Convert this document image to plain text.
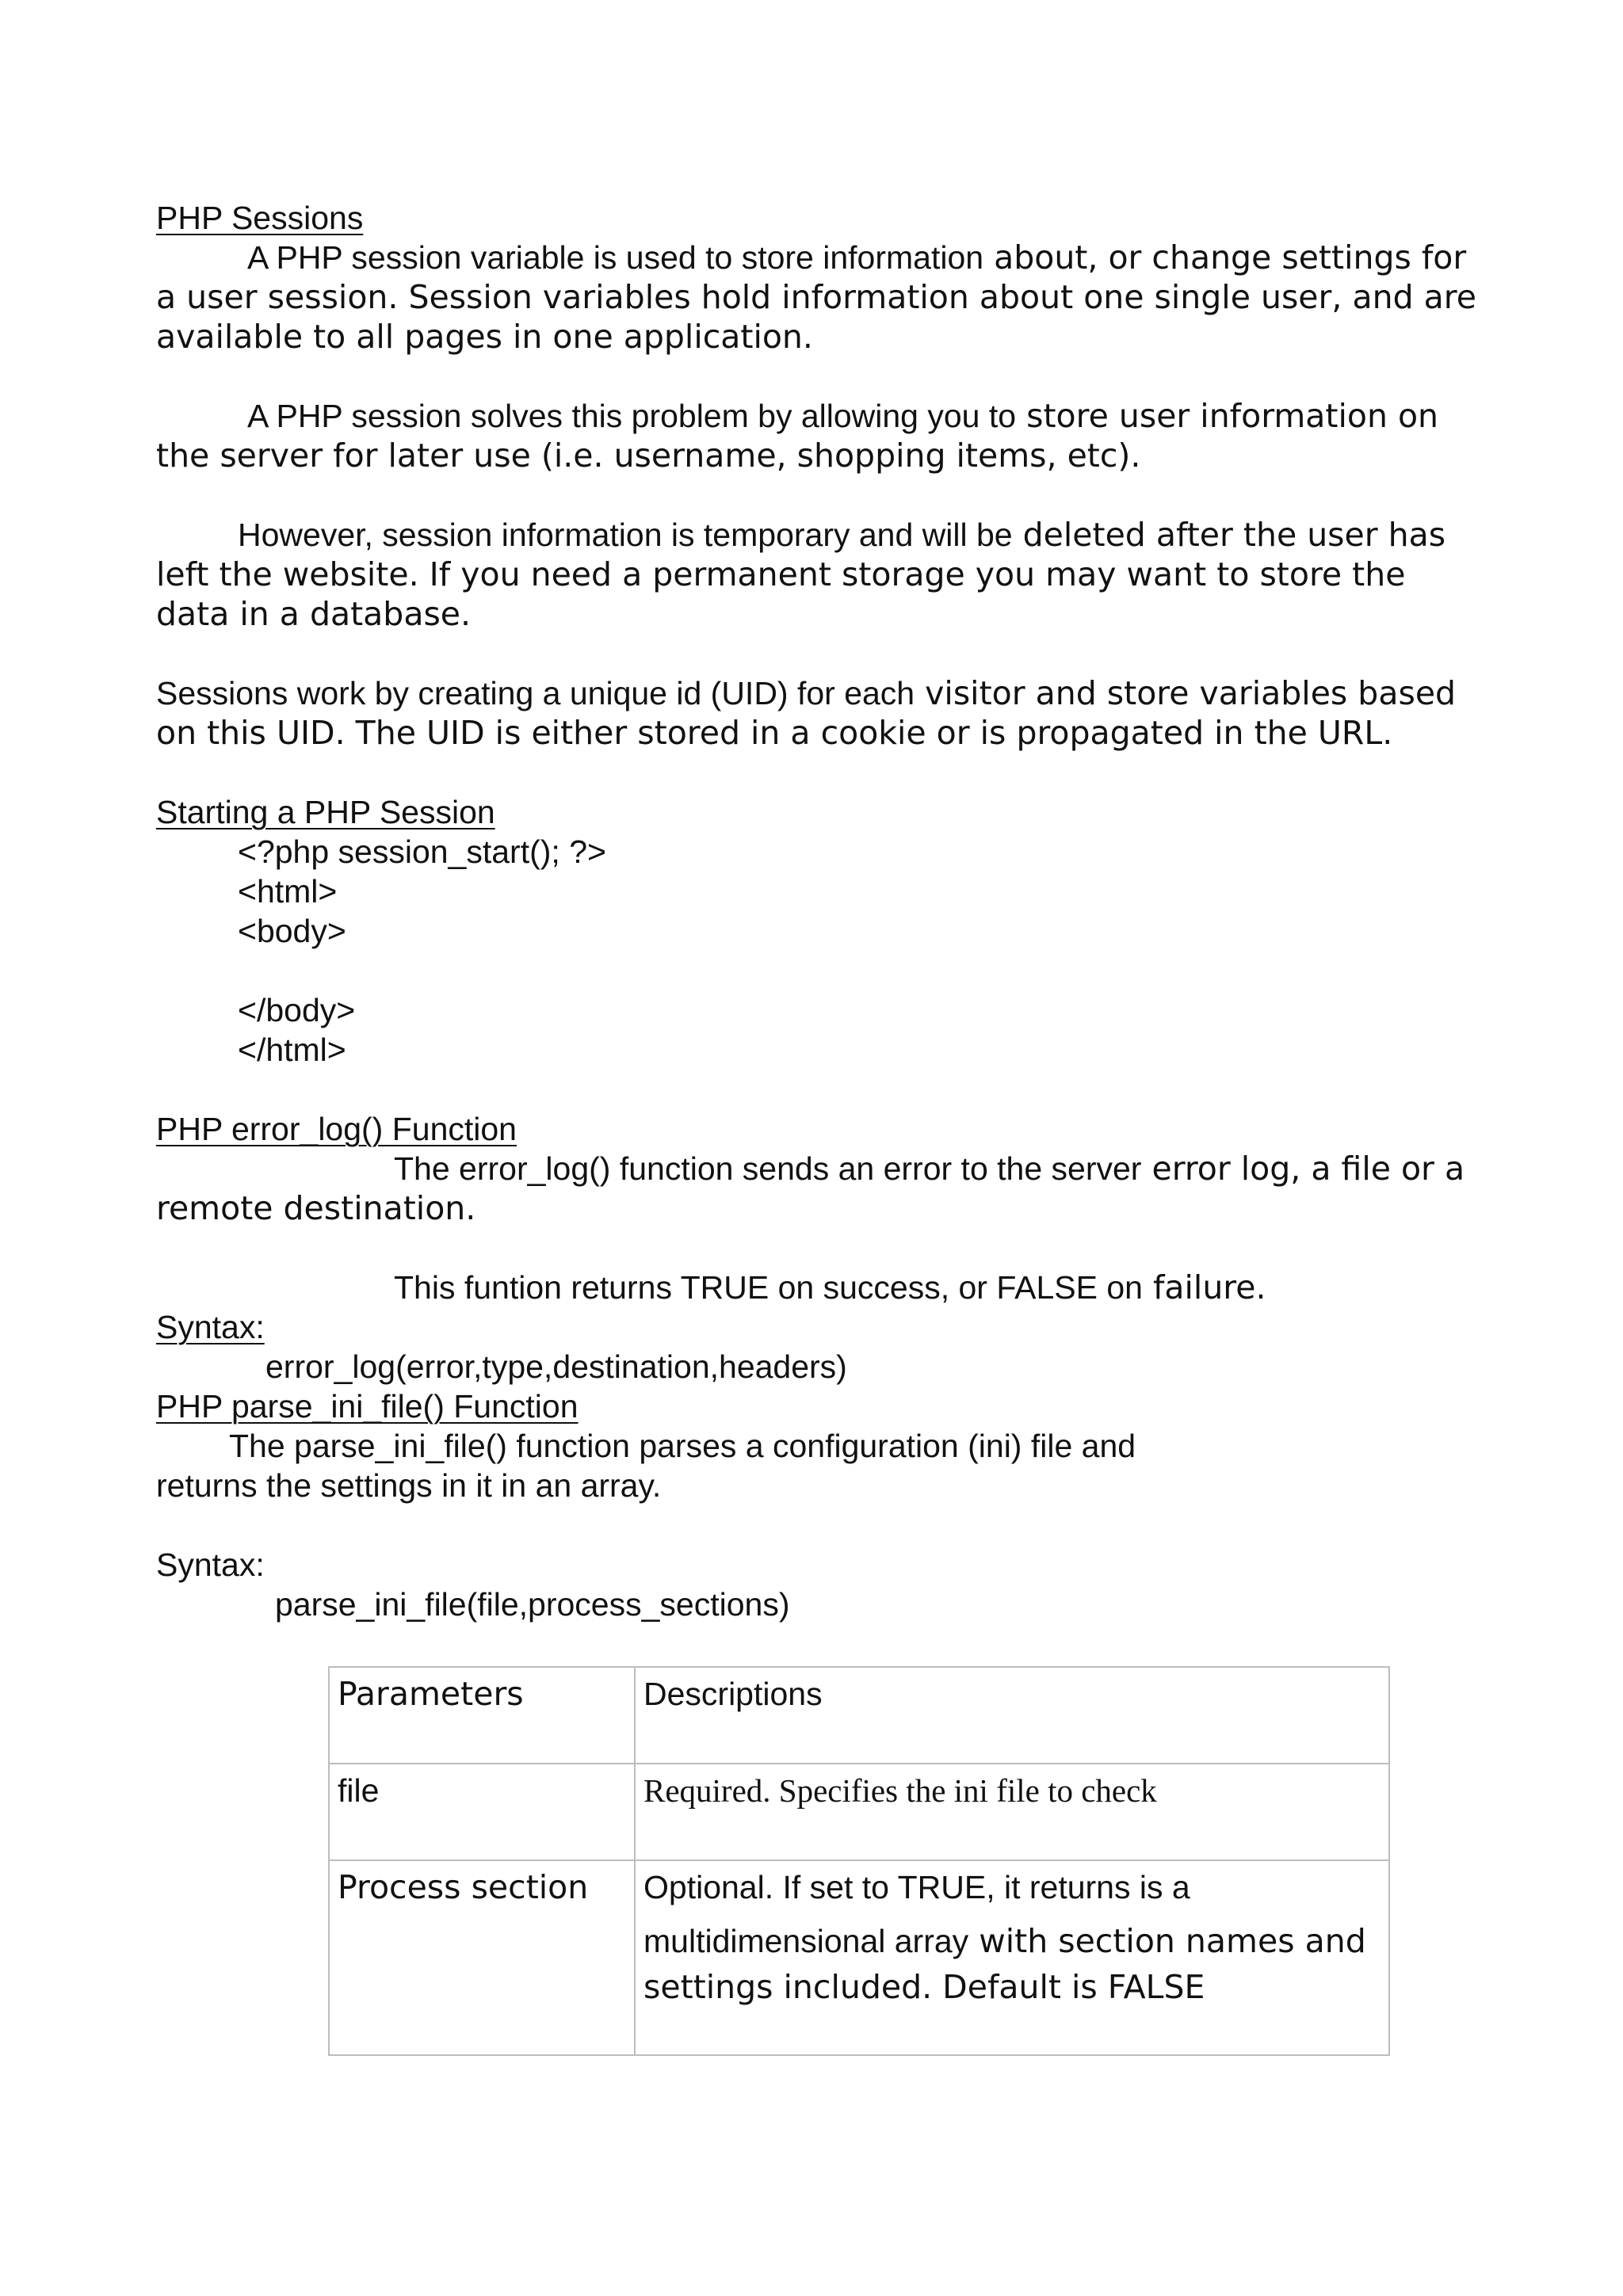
PHP Sessions

A PHP session variable is used to store information about, or change settings for a user session. Session variables hold information about one single user, and are available to all pages in one application.

A PHP session solves this problem by allowing you to store user information on the server for later use (i.e. username, shopping items, etc).

However, session information is temporary and will be deleted after the user has left the website. If you need a permanent storage you may want to store the data in a database.

Sessions work by creating a unique id (UID) for each visitor and store variables based on this UID. The UID is either stored in a cookie or is propagated in the URL.

Starting a PHP Session

<?php session_start(); ?>

<html>

<body>

</body>

</html>

PHP error_log() Function

The error_log() function sends an error to the server error log, a file or a remote destination.

This funtion returns TRUE on success, or FALSE on failure.

Syntax:

error_log(error,type,destination,headers)

PHP parse_ini_file() Function

The parse_ini_file() function parses a configuration (ini) file and returns the settings in it in an array.

Syntax:

parse_ini_file(file,process_sections)

Parameters	Descriptions
file	Required. Specifies the ini file to check
Process section	Optional. If set to TRUE, it returns is a
multidimensional array with section names and settings included. Default is FALSE
